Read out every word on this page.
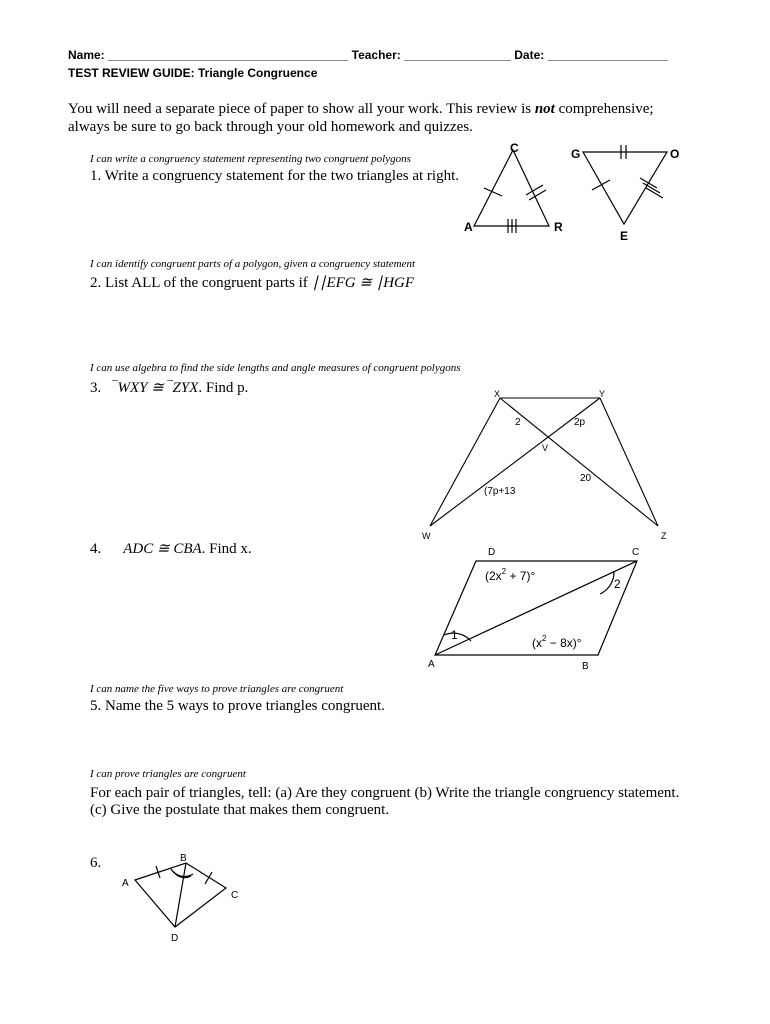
Name: ____________________________________ Teacher: ________________ Date: __________________
TEST REVIEW GUIDE: Triangle Congruence
You will need a separate piece of paper to show all your work. This review is not comprehensive;
always be sure to go back through your old homework and quizzes.
I can write a congruency statement representing two congruent polygons
1. Write a congruency statement for the two triangles at right.
C
A	R
G	O
E
X	Y
V
W	Z
2	2p
20
(7p+13
D	C
A	B
1
2
$(2x^2 + 7)^\circ$
$(x^2 - 8x)^\circ$
B
A
C
D
I can identify congruent parts of a polygon, given a congruency statement
2. List ALL of the congruent parts if ∣∣EFG ≅ ∣HGF
I can use algebra to find the side lengths and angle measures of congruent polygons
3. ‾WXY ≅ ‾ZYX. Find p.
4. ADC ≅ CBA. Find x.
I can name the five ways to prove triangles are congruent
5. Name the 5 ways to prove triangles congruent.
I can prove triangles are congruent
For each pair of triangles, tell: (a) Are they congruent (b) Write the triangle congruency statement.
(c) Give the postulate that makes them congruent.
6.
